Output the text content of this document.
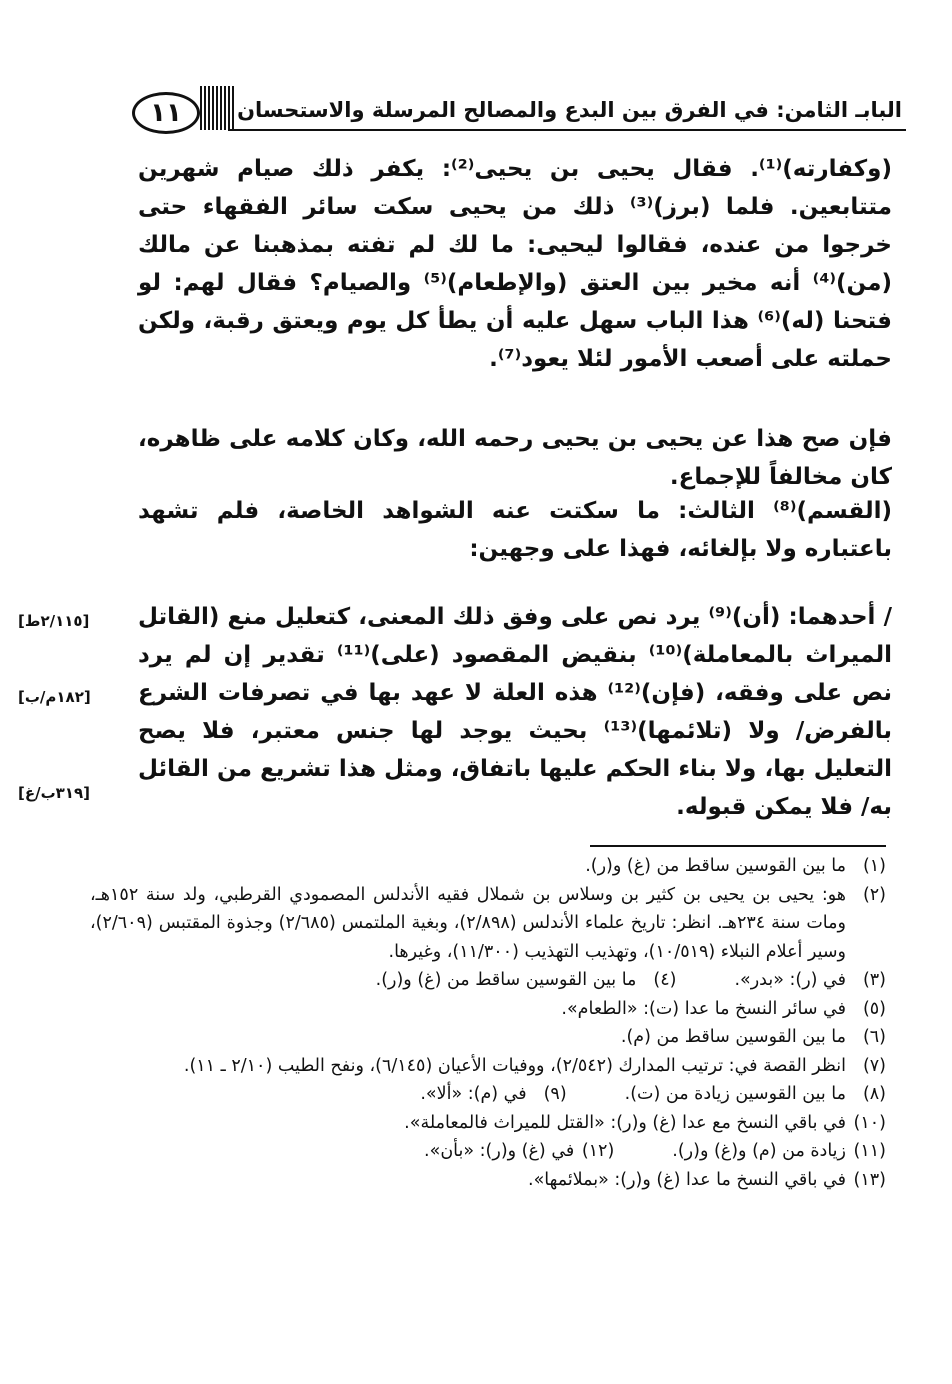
١١	البابـ الثامن: في الفرق بين البدع والمصالح المرسلة والاستحسان

(وكفارته)⁽¹⁾. فقال يحيى بن يحيى⁽²⁾: يكفر ذلك صيام شهرين متتابعين. فلما (برز)⁽³⁾ ذلك من يحيى سكت سائر الفقهاء حتى خرجوا من عنده، فقالوا ليحيى: ما لك لم تفته بمذهبنا عن مالك (من)⁽⁴⁾ أنه مخير بين العتق (والإطعام)⁽⁵⁾ والصيام؟ فقال لهم: لو فتحنا (له)⁽⁶⁾ هذا الباب سهل عليه أن يطأ كل يوم ويعتق رقبة، ولكن حملته على أصعب الأمور لئلا يعود⁽⁷⁾.

فإن صح هذا عن يحيى بن يحيى رحمه الله، وكان كلامه على ظاهره، كان مخالفاً للإجماع.

(القسم)⁽⁸⁾ الثالث: ما سكتت عنه الشواهد الخاصة، فلم تشهد باعتباره ولا بإلغائه، فهذا على وجهين:

/ أحدهما: (أن)⁽⁹⁾ يرد نص على وفق ذلك المعنى، كتعليل منع (القاتل الميراث بالمعاملة)⁽¹⁰⁾ بنقيض المقصود (على)⁽¹¹⁾ تقدير إن لم يرد نص على وفقه، (فإن)⁽¹²⁾ هذه العلة لا عهد بها في تصرفات الشرع بالفرض/ ولا (تلائمها)⁽¹³⁾ بحيث يوجد لها جنس معتبر، فلا يصح التعليل بها، ولا بناء الحكم عليها باتفاق، ومثل هذا تشريع من القائل به/ فلا يمكن قبوله.

[٢/١١٥ط]
[١٨٢م/ب]
[٣١٩ب/غ]
(١)
ما بين القوسين ساقط من (غ) و(ر).
(٢)
هو: يحيى بن يحيى بن كثير بن وسلاس بن شملال فقيه الأندلس المصمودي القرطبي، ولد سنة ١٥٢هـ، ومات سنة ٢٣٤هـ. انظر: تاريخ علماء الأندلس (٢/٨٩٨)، وبغية الملتمس (٢/٦٨٥) وجذوة المقتبس (٢/٦٠٩)، وسير أعلام النبلاء (١٠/٥١٩)، وتهذيب التهذيب (١١/٣٠٠)، وغيرها.
(٣)
في (ر): «بدر».
(٤)
ما بين القوسين ساقط من (غ) و(ر).
(٥)
في سائر النسخ ما عدا (ت): «الطعام».
(٦)
ما بين القوسين ساقط من (م).
(٧)
انظر القصة في: ترتيب المدارك (٢/٥٤٢)، ووفيات الأعيان (٦/١٤٥)، ونفح الطيب (٢/١٠ ـ ١١).
(٨)
ما بين القوسين زيادة من (ت).
(٩)
في (م): «ألا».
(١٠)
في باقي النسخ مع عدا (غ) و(ر): «القتل للميراث فالمعاملة».
(١١)
زيادة من (م) و(غ) و(ر).
(١٢)
في (غ) و(ر): «بأن».
(١٣)
في باقي النسخ ما عدا (غ) و(ر): «بملائمها».
